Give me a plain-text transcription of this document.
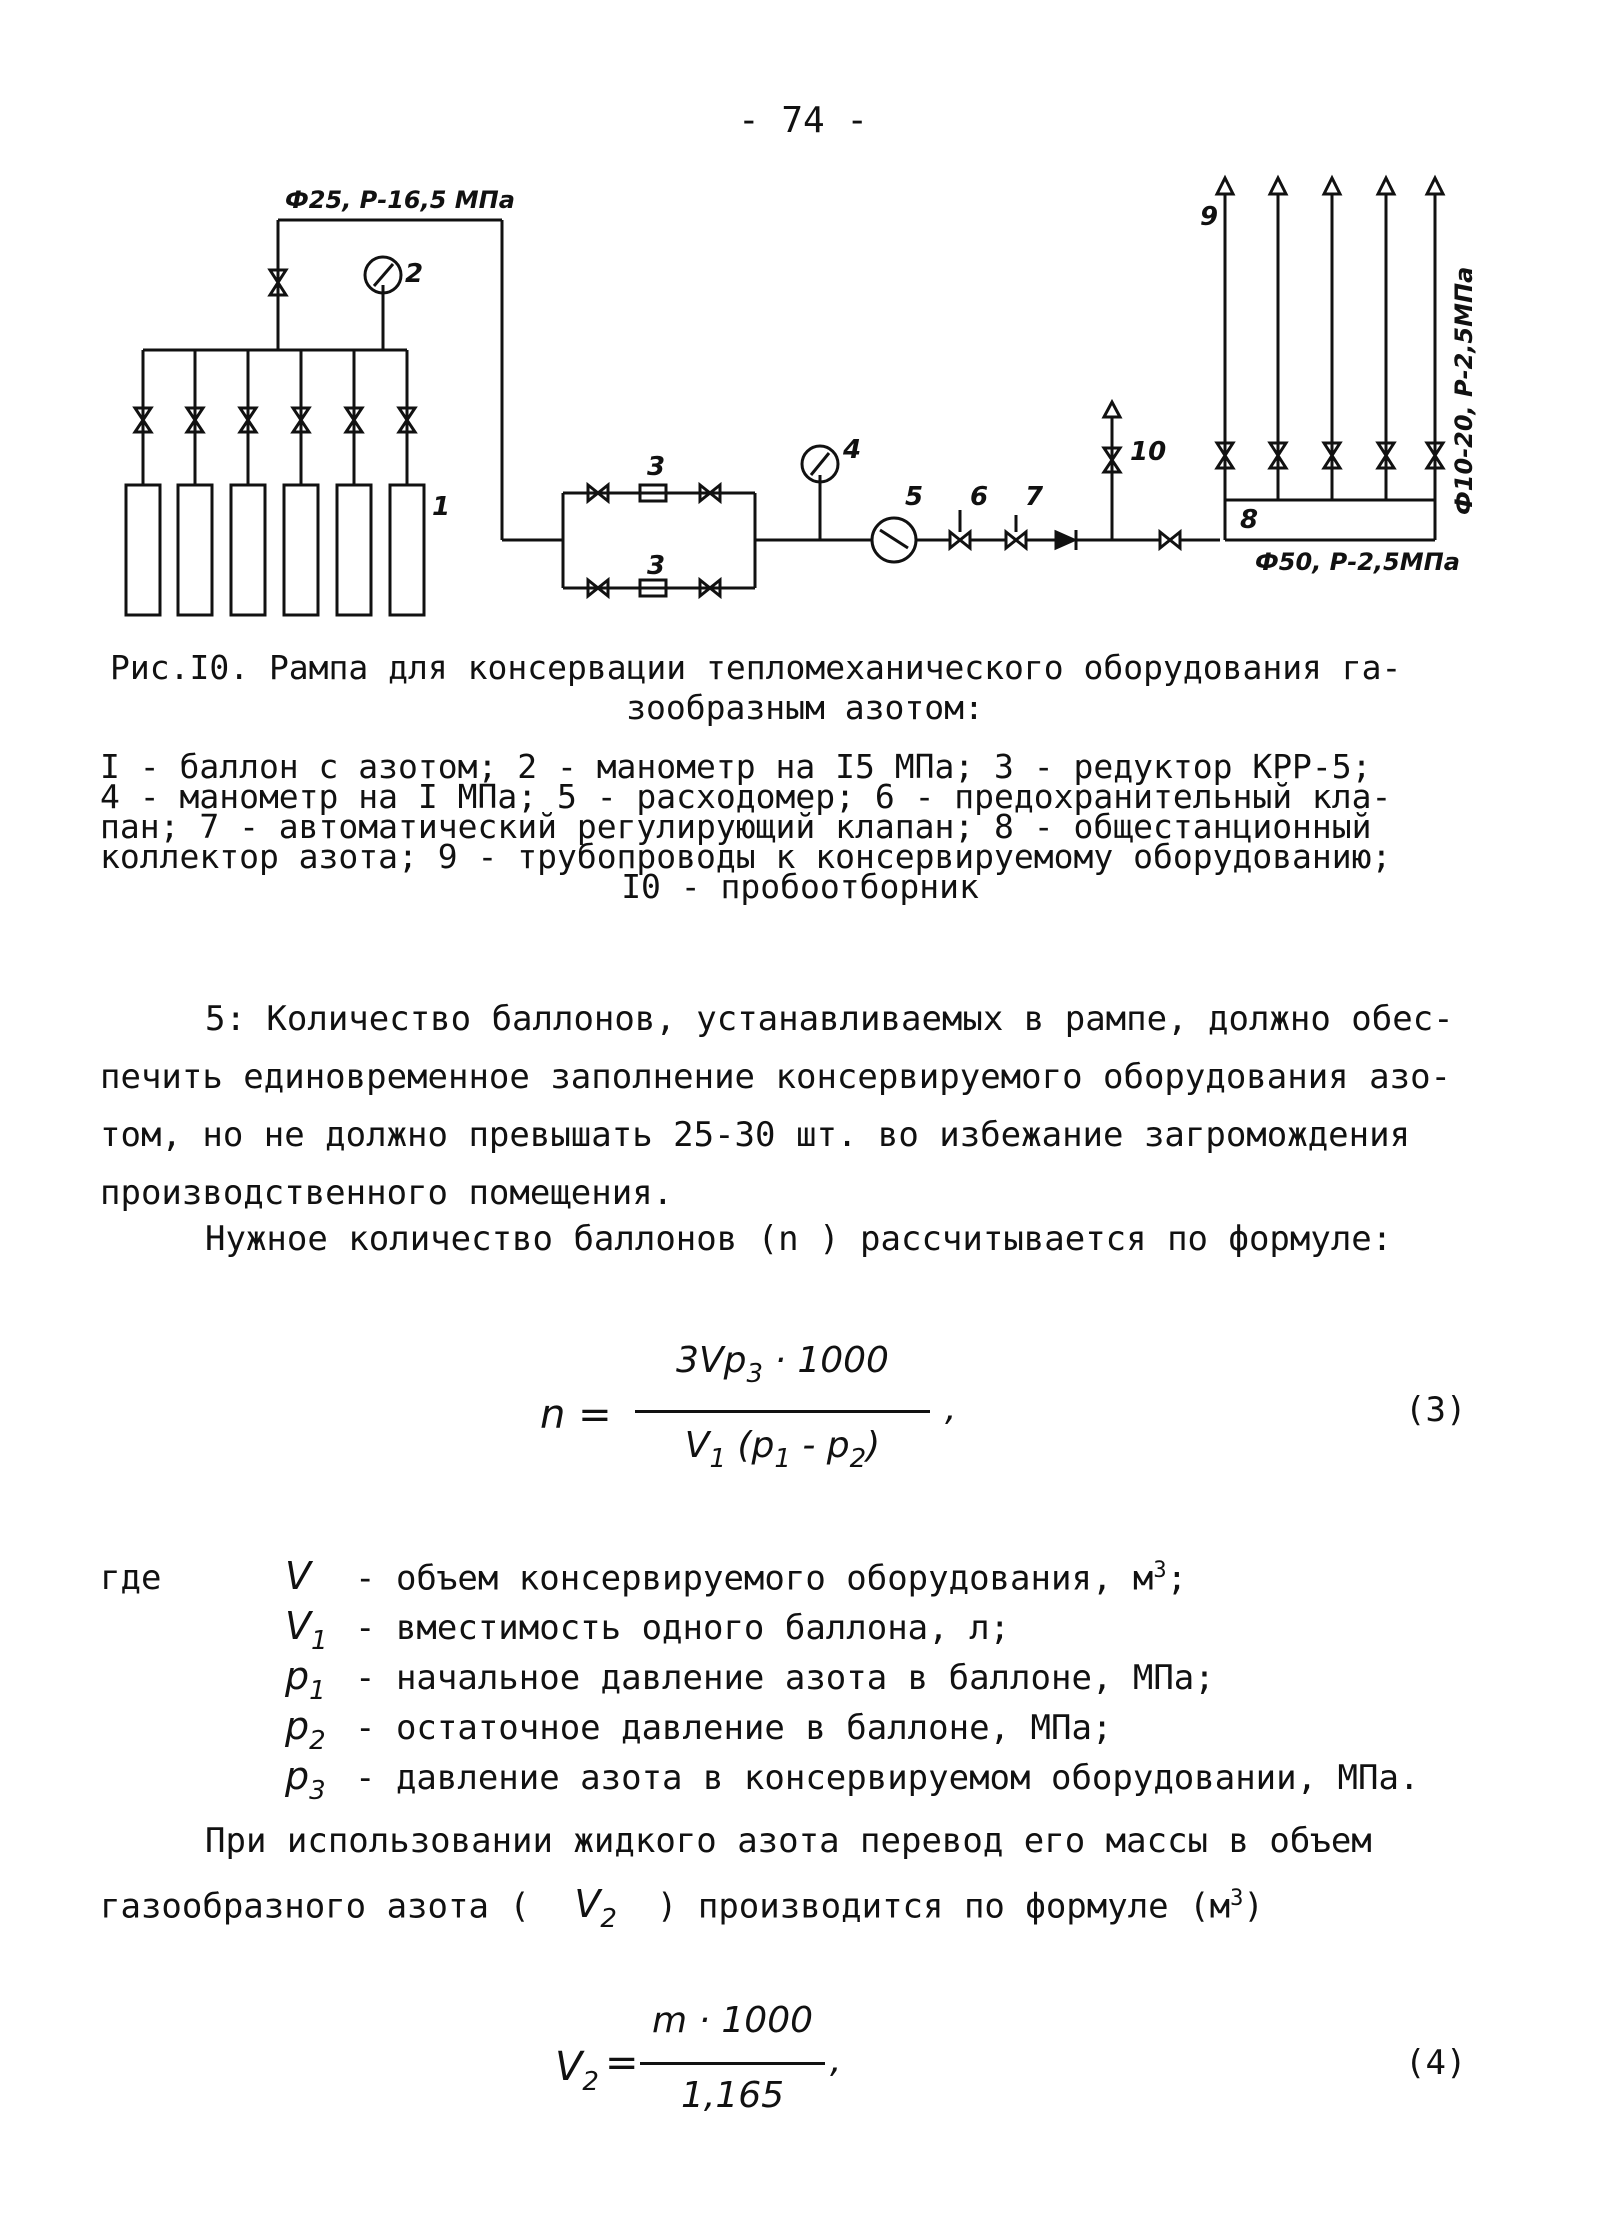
- 74 -
Ф25, Р-16,5 МПа
Ф50, Р-2,5МПа
Ф10-20, Р-2,5МПа
1
2
3
3
4
5 6 7
8
9
10
Рис.I0. Рампа для консервации тепломеханического оборудования га-
зообразным азотом:
I - баллон с азотом; 2 - манометр на I5 МПа; 3 - редуктор КРР-5;
4 - манометр на I МПа; 5 - расходомер; 6 - предохранительный кла-
пан; 7 - автоматический регулирующий клапан; 8 - общестанционный
коллектор азота; 9 - трубопроводы к консервируемому оборудованию;
I0 - пробоотборник
5: Количество баллонов, устанавливаемых в рампе, должно обес-
печить единовременное заполнение консервируемого оборудования азо-
том, но не должно превышать 25-30 шт. во избежание загромождения
производственного помещения.
Нужное количество баллонов (n ) рассчитывается по формуле:
n =
$3Vp_3 \cdot 1000$
$V_1$ $(p_1 - p_2)$
,	(3)
где	V - объем консервируемого оборудования, $м^3$;
$V_1$ - вместимость одного баллона, л;
$p_1$ - начальное давление азота в баллоне, МПа;
$p_2$ - остаточное давление в баллоне, МПа;
$p_3$ - давление азота в консервируемом оборудовании, МПа.
При использовании жидкого азота перевод его массы в объем
газообразного азота ( $V_2$ ) производится по формуле $(м^3)$
$V_2$ =
m · 1000
1,165
,	(4)
